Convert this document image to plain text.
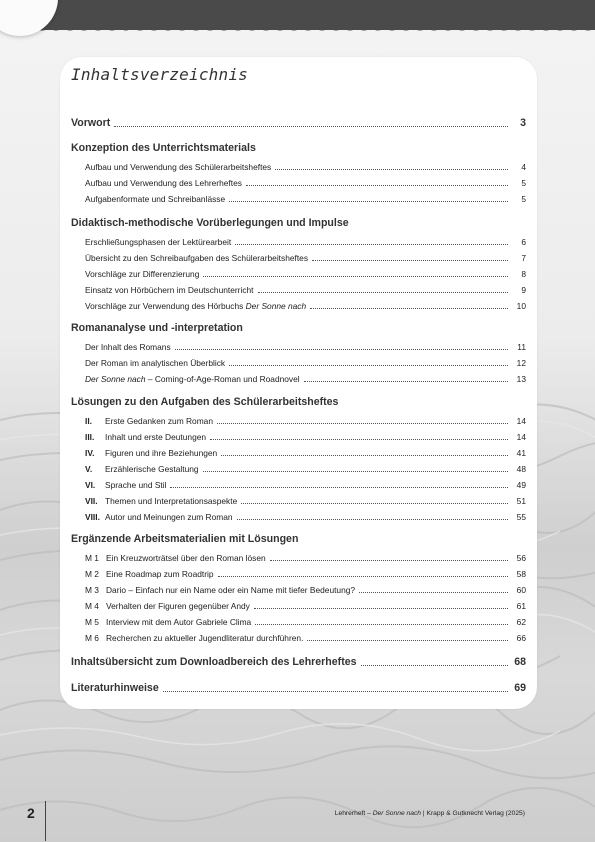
Inhaltsverzeichnis
Vorwort	3
Konzeption des Unterrichtsmaterials
Aufbau und Verwendung des Schülerarbeitsheftes	4
Aufbau und Verwendung des Lehrerheftes	5
Aufgabenformate und Schreibanlässe	5
Didaktisch-methodische Vorüberlegungen und Impulse
Erschließungsphasen der Lektürearbeit	6
Übersicht zu den Schreibaufgaben des Schülerarbeitsheftes	7
Vorschläge zur Differenzierung	8
Einsatz von Hörbüchern im Deutschunterricht	9
Vorschläge zur Verwendung des Hörbuchs Der Sonne nach	10
Romananalyse und -interpretation
Der Inhalt des Romans	11
Der Roman im analytischen Überblick	12
Der Sonne nach – Coming-of-Age-Roman und Roadnovel	13
Lösungen zu den Aufgaben des Schülerarbeitsheftes
II. Erste Gedanken zum Roman	14
III. Inhalt und erste Deutungen	14
IV. Figuren und ihre Beziehungen	41
V. Erzählerische Gestaltung	48
VI. Sprache und Stil	49
VII. Themen und Interpretationsaspekte	51
VIII. Autor und Meinungen zum Roman	55
Ergänzende Arbeitsmaterialien mit Lösungen
M 1 Ein Kreuzworträtsel über den Roman lösen	56
M 2 Eine Roadmap zum Roadtrip	58
M 3 Dario – Einfach nur ein Name oder ein Name mit tiefer Bedeutung?	60
M 4 Verhalten der Figuren gegenüber Andy	61
M 5 Interview mit dem Autor Gabriele Clima	62
M 6 Recherchen zu aktueller Jugendliteratur durchführen.	66
Inhaltsübersicht zum Downloadbereich des Lehrerheftes	68
Literaturhinweise	69
2	Lehrerheft – Der Sonne nach | Krapp & Gutknecht Verlag (2025)
